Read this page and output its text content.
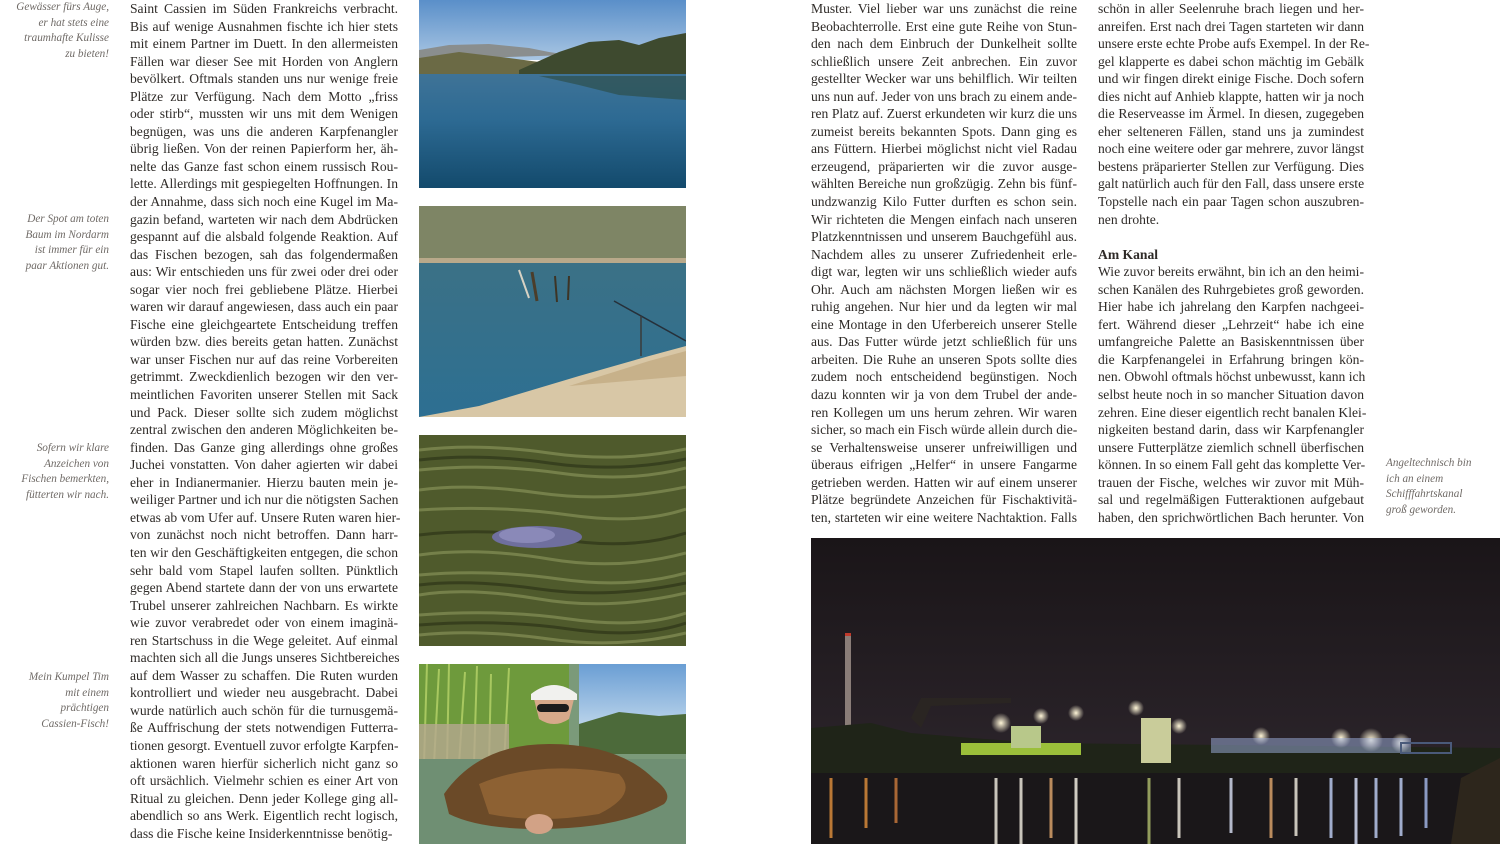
Gewässer fürs Auge,
er hat stets eine
traumhafte Kulisse
zu bieten!
Der Spot am toten
Baum im Nordarm
ist immer für ein
paar Aktionen gut.
Sofern wir klare
Anzeichen von
Fischen bemerkten,
fütterten wir nach.
Mein Kumpel Tim
mit einem
prächtigen
Cassien-Fisch!
Angeltechnisch bin
ich an einem
Schifffahrtskanal
groß geworden.
Saint Cassien im Süden Frankreichs verbracht.
Bis auf wenige Ausnahmen fischte ich hier stets
mit einem Partner im Duett. In den allermeisten
Fällen war dieser See mit Horden von Anglern
bevölkert. Oftmals standen uns nur wenige freie
Plätze zur Verfügung. Nach dem Motto „friss
oder stirb“, mussten wir uns mit dem Wenigen
begnügen, was uns die anderen Karpfenangler
übrig ließen. Von der reinen Papierform her, äh-
nelte das Ganze fast schon einem russisch Rou-
lette. Allerdings mit gespiegelten Hoffnungen. In
der Annahme, dass sich noch eine Kugel im Ma-
gazin befand, warteten wir nach dem Abdrücken
gespannt auf die alsbald folgende Reaktion. Auf
das Fischen bezogen, sah das folgendermaßen
aus: Wir entschieden uns für zwei oder drei oder
sogar vier noch frei gebliebene Plätze. Hierbei
waren wir darauf angewiesen, dass auch ein paar
Fische eine gleichgeartete Entscheidung treffen
würden bzw. dies bereits getan hatten. Zunächst
war unser Fischen nur auf das reine Vorbereiten
getrimmt. Zweckdienlich bezogen wir den ver-
meintlichen Favoriten unserer Stellen mit Sack
und Pack. Dieser sollte sich zudem möglichst
zentral zwischen den anderen Möglichkeiten be-
finden. Das Ganze ging allerdings ohne großes
Juchei vonstatten. Von daher agierten wir dabei
eher in Indianermanier. Hierzu bauten mein je-
weiliger Partner und ich nur die nötigsten Sachen
etwas ab vom Ufer auf. Unsere Ruten waren hier-
von zunächst noch nicht betroffen. Dann harr-
ten wir den Geschäftigkeiten entgegen, die schon
sehr bald vom Stapel laufen sollten. Pünktlich
gegen Abend startete dann der von uns erwartete
Trubel unserer zahlreichen Nachbarn. Es wirkte
wie zuvor verabredet oder von einem imaginä-
ren Startschuss in die Wege geleitet. Auf einmal
machten sich all die Jungs unseres Sichtbereiches
auf dem Wasser zu schaffen. Die Ruten wurden
kontrolliert und wieder neu ausgebracht. Dabei
wurde natürlich auch schön für die turnusgemä-
ße Auffrischung der stets notwendigen Futterra-
tionen gesorgt. Eventuell zuvor erfolgte Karpfen-
aktionen waren hierfür sicherlich nicht ganz so
oft ursächlich. Vielmehr schien es einer Art von
Ritual zu gleichen. Denn jeder Kollege ging all-
abendlich so ans Werk. Eigentlich recht logisch,
dass die Fische keine Insiderkenntnisse benötig-
Muster. Viel lieber war uns zunächst die reine
Beobachterrolle. Erst eine gute Reihe von Stun-
den nach dem Einbruch der Dunkelheit sollte
schließlich unsere Zeit anbrechen. Ein zuvor
gestellter Wecker war uns behilflich. Wir teilten
uns nun auf. Jeder von uns brach zu einem ande-
ren Platz auf. Zuerst erkundeten wir kurz die uns
zumeist bereits bekannten Spots. Dann ging es
ans Füttern. Hierbei möglichst nicht viel Radau
erzeugend, präparierten wir die zuvor ausge-
wählten Bereiche nun großzügig. Zehn bis fünf-
undzwanzig Kilo Futter durften es schon sein.
Wir richteten die Mengen einfach nach unseren
Platzkenntnissen und unserem Bauchgefühl aus.
Nachdem alles zu unserer Zufriedenheit erle-
digt war, legten wir uns schließlich wieder aufs
Ohr. Auch am nächsten Morgen ließen wir es
ruhig angehen. Nur hier und da legten wir mal
eine Montage in den Uferbereich unserer Stelle
aus. Das Futter würde jetzt schließlich für uns
arbeiten. Die Ruhe an unseren Spots sollte dies
zudem noch entscheidend begünstigen. Noch
dazu konnten wir ja von dem Trubel der ande-
ren Kollegen um uns herum zehren. Wir waren
sicher, so mach ein Fisch würde allein durch die-
se Verhaltensweise unserer unfreiwilligen und
überaus eifrigen „Helfer“ in unsere Fangarme
getrieben werden. Hatten wir auf einem unserer
Plätze begründete Anzeichen für Fischaktivitä-
ten, starteten wir eine weitere Nachtaktion. Falls
schön in aller Seelenruhe brach liegen und her-
anreifen. Erst nach drei Tagen starteten wir dann
unsere erste echte Probe aufs Exempel. In der Re-
gel klapperte es dabei schon mächtig im Gebälk
und wir fingen direkt einige Fische. Doch sofern
dies nicht auf Anhieb klappte, hatten wir ja noch
die Reserveasse im Ärmel. In diesen, zugegeben
eher selteneren Fällen, stand uns ja zumindest
noch eine weitere oder gar mehrere, zuvor längst
bestens präparierter Stellen zur Verfügung. Dies
galt natürlich auch für den Fall, dass unsere erste
Topstelle nach ein paar Tagen schon auszubren-
nen drohte.
Am Kanal
Wie zuvor bereits erwähnt, bin ich an den heimi-
schen Kanälen des Ruhrgebietes groß geworden.
Hier habe ich jahrelang den Karpfen nachgeei-
fert. Während dieser „Lehrzeit“ habe ich eine
umfangreiche Palette an Basiskenntnissen über
die Karpfenangelei in Erfahrung bringen kön-
nen. Obwohl oftmals höchst unbewusst, kann ich
selbst heute noch in so mancher Situation davon
zehren. Eine dieser eigentlich recht banalen Klei-
nigkeiten bestand darin, dass wir Karpfenangler
unsere Futterplätze ziemlich schnell überfischen
können. In so einem Fall geht das komplette Ver-
trauen der Fische, welches wir zuvor mit Müh-
sal und regelmäßigen Futteraktionen aufgebaut
haben, den sprichwörtlichen Bach herunter. Von
